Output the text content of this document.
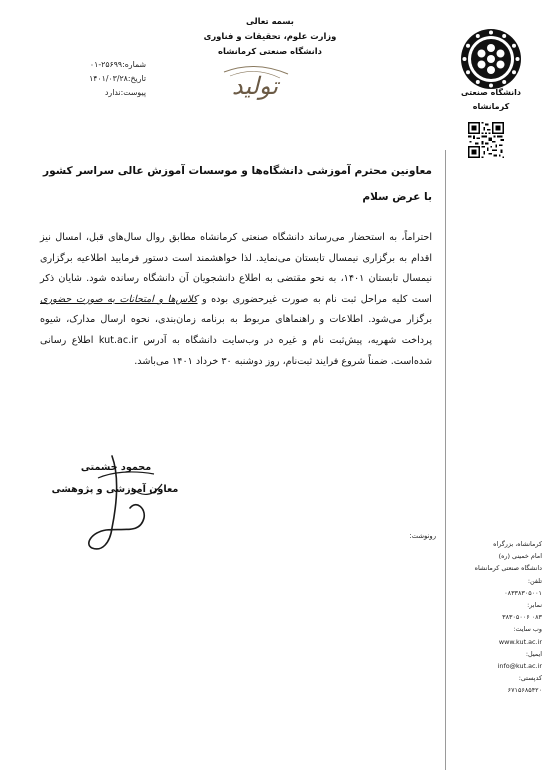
بسمه تعالی
وزارت علوم، تحقیقات و فناوری
دانشگاه صنعتی کرمانشاه
تولید
شماره:۲۵۶۹۹-۰۱
تاریخ:۱۴۰۱/۰۳/۲۸
پیوست:ندارد	دانشگاه صنعتی
کرمانشاه
معاونین محترم آموزشی دانشگاه‌ها و موسسات آموزش عالی سراسر کشور
با عرض سلام

احتراماً، به استحضار می‌رساند دانشگاه صنعتی کرمانشاه مطابق روال سال‌های قبل، امسال نیز اقدام به برگزاری نیمسال تابستان می‌نماید. لذا خواهشمند است دستور فرمایید اطلاعیه برگزاری نیمسال تابستان ۱۴۰۱، به نحو مقتضی به اطلاع دانشجویان آن دانشگاه رسانده شود. شایان ذکر است کلیه مراحل ثبت نام به صورت غیرحضوری بوده و کلاس‌ها و امتحانات به صورت حضوری برگزار می‌شود. اطلاعات و راهنماهای مربوط به برنامه زمان‌بندی، نحوه ارسال مدارک، شیوه پرداخت شهریه، پیش‌ثبت نام و غیره در وب‌سایت دانشگاه به آدرس kut.ac.ir اطلاع رسانی شده‌است. ضمناً شروع فرایند ثبت‌نام، روز دوشنبه ۳۰ خرداد ۱۴۰۱ می‌باشد.

محمود حشمتی
معاون آموزشی و پژوهشی
رونوشت:
کرمانشاه، بزرگراه
امام خمینی (ره)
دانشگاه صنعتی کرمانشاه
تلفن:
۰۸۳۳۸۳۰۵۰۰۱
نمابر:
۰۸۳ ۳۸۳۰۵۰۰۶
وب سایت:
www.kut.ac.ir
ایمیل:
info@kut.ac.ir
کدپستی:
۶۷۱۵۶۸۵۴۲۰
